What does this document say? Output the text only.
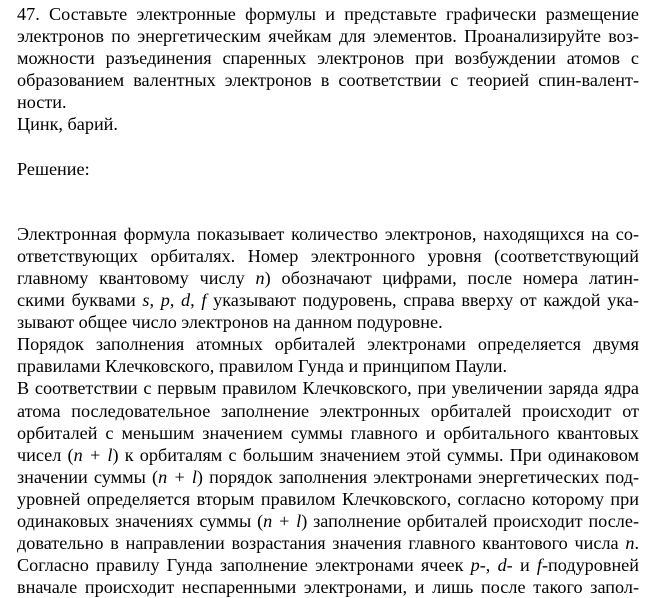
47. Составьте электронные формулы и представьте графически размещение
электронов по энергетическим ячейкам для элементов. Проанализируйте воз-
можности разъединения спаренных электронов при возбуждении атомов с
образованием валентных электронов в соответствии с теорией спин-валент-
ности.
Цинк, барий.
Решение:
Электронная формула показывает количество электронов, находящихся на со-
ответствующих орбиталях. Номер электронного уровня (соответствующий
главному квантовому числу n) обозначают цифрами, после номера латин-
скими буквами s, p, d, f указывают подуровень, справа вверху от каждой ука-
зывают общее число электронов на данном подуровне.
Порядок заполнения атомных орбиталей электронами определяется двумя
правилами Клечковского, правилом Гунда и принципом Паули.
В соответствии с первым правилом Клечковского, при увеличении заряда ядра
атома последовательное заполнение электронных орбиталей происходит от
орбиталей с меньшим значением суммы главного и орбитального квантовых
чисел (n + l) к орбиталям с большим значением этой суммы. При одинаковом
значении суммы (n + l) порядок заполнения электронами энергетических под-
уровней определяется вторым правилом Клечковского, согласно которому при
одинаковых значениях суммы (n + l) заполнение орбиталей происходит после-
довательно в направлении возрастания значения главного квантового числа n.
Согласно правилу Гунда заполнение электронами ячеек p-, d- и f-подуровней
вначале происходит неспаренными электронами, и лишь после такого запол-
